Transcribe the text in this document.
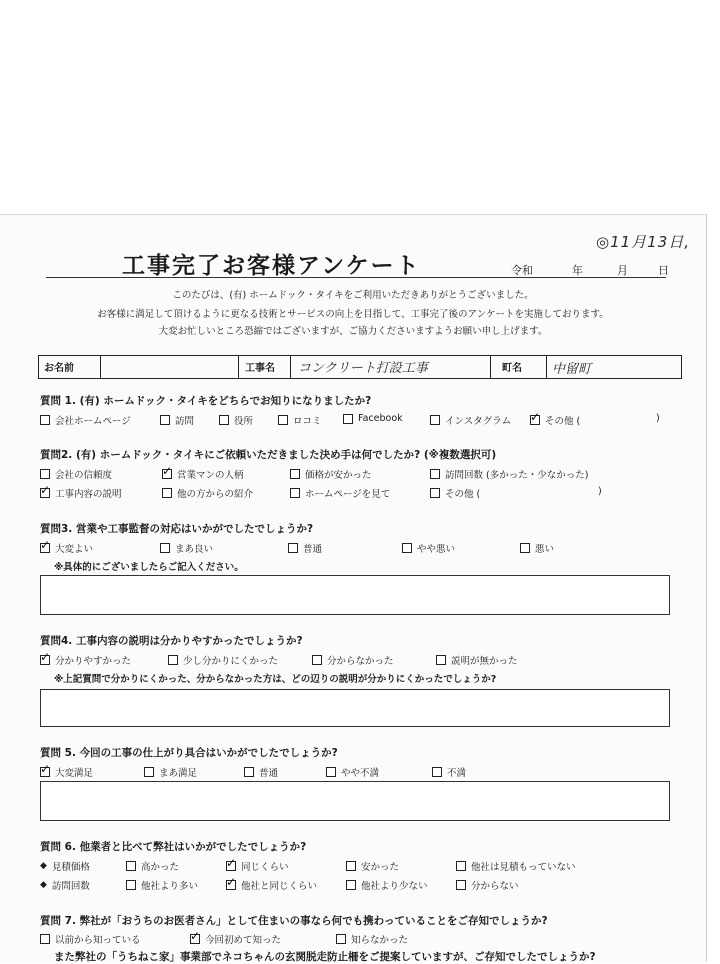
工事完了お客様アンケート	令和	年	月	日
◎11月13日,
このたびは、(有) ホームドック・タイキをご利用いただきありがとうございました。
お客様に満足して頂けるように更なる技術とサービスの向上を目指して、工事完了後のアンケートを実施しております。
大変お忙しいところ恐縮ではございますが、ご協力くださいますようお願い申し上げます。
お名前	工事名 コンクリート打設工事	町名 中留町
質問 1. (有) ホームドック・タイキをどちらでお知りになりましたか?
会社ホームページ	訪問	役所	ロコミ	Facebook	インスタグラム ✓	その他 (	)
質問2. (有) ホームドック・タイキにご依頼いただきました決め手は何でしたか? (※複数選択可)
会社の信頼度 ✓	営業マンの人柄	価格が安かった	訪問回数 (多かった・少なかった)
✓
工事内容の説明	他の方からの紹介	ホームページを見て	その他 (	)
質問3. 営業や工事監督の対応はいかがでしたでしょうか?
✓
大変よい	まあ良い	普通	やや悪い	悪い
※具体的にございましたらご記入ください。
質問4. 工事内容の説明は分かりやすかったでしょうか?
✓
分かりやすかった	少し分かりにくかった	分からなかった	説明が無かった
※上記質問で分かりにくかった、分からなかった方は、どの辺りの説明が分かりにくかったでしょうか?
質問 5. 今回の工事の仕上がり具合はいかがでしたでしょうか?
✓
大変満足	まあ満足	普通	やや不満	不満
質問 6. 他業者と比べて弊社はいかがでしたでしょうか?
◆ 見積価格	高かった ✓	同じくらい	安かった	他社は見積もっていない
◆ 訪問回数	他社より多い ✓	他社と同じくらい	他社より少ない	分からない
質問 7. 弊社が「おうちのお医者さん」として住まいの事なら何でも携わっていることをご存知でしょうか?
以前から知っている ✓	今回初めて知った	知らなかった
また弊社の「うちねこ家」事業部でネコちゃんの玄関脱走防止柵をご提案していますが、ご存知でしたでしょうか?
